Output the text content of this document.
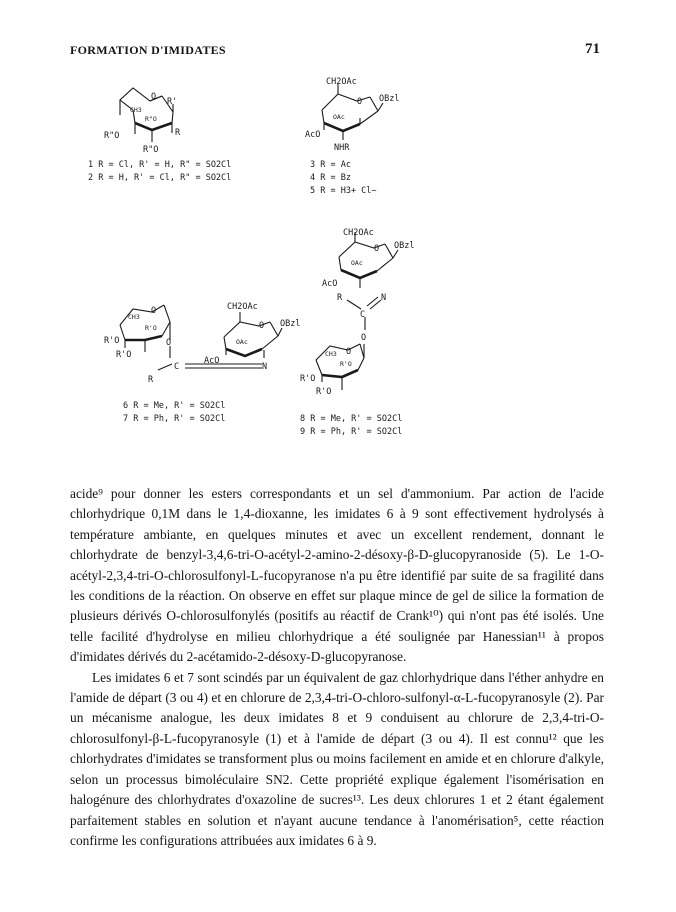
FORMATION D'IMIDATES	71
R'
O
CH3
R"O
R
R"O
R"O
1 R = Cl, R' = H, R" = SO2Cl
2 R = H, R' = Cl, R" = SO2Cl
CH2OAc
O OBzl
OAc
AcO
NHR
3 R = Ac
4 R = Bz
5 R = H3+ Cl−
O
CH3
R'O
R'O
R'O
O
C	N
R
CH2OAc
O OBzl
OAc
AcO
6 R = Me, R' = SO2Cl
7 R = Ph, R' = SO2Cl
CH2OAc
O OBzl
OAc
AcO
R
C
N
O
CH3
R'O
O
R'O
R'O
8 R = Me, R' = SO2Cl
9 R = Ph, R' = SO2Cl

acide⁹ pour donner les esters correspondants et un sel d'ammonium. Par action de l'acide chlorhydrique 0,1M dans le 1,4-dioxanne, les imidates 6 à 9 sont effectivement hydrolysés à température ambiante, en quelques minutes et avec un excellent rendement, donnant le chlorhydrate de benzyl-3,4,6-tri-O-acétyl-2-amino-2-désoxy-β-D-glucopyranoside (5). Le 1-O-acétyl-2,3,4-tri-O-chlorosulfonyl-L-fucopyranose n'a pu être identifié par suite de sa fragilité dans les conditions de la réaction. On observe en effet sur plaque mince de gel de silice la formation de plusieurs dérivés O-chlorosulfonylés (positifs au réactif de Crank¹⁰) qui n'ont pas été isolés. Une telle facilité d'hydrolyse en milieu chlorhydrique a été soulignée par Hanessian¹¹ à propos d'imidates dérivés du 2-acétamido-2-désoxy-D-glucopyranose.

Les imidates 6 et 7 sont scindés par un équivalent de gaz chlorhydrique dans l'éther anhydre en l'amide de départ (3 ou 4) et en chlorure de 2,3,4-tri-O-chloro-sulfonyl-α-L-fucopyranosyle (2). Par un mécanisme analogue, les deux imidates 8 et 9 conduisent au chlorure de 2,3,4-tri-O-chlorosulfonyl-β-L-fucopyranosyle (1) et à l'amide de départ (3 ou 4). Il est connu¹² que les chlorhydrates d'imidates se transforment plus ou moins facilement en amide et en chlorure d'alkyle, selon un processus bimoléculaire SN2. Cette propriété explique également l'isomérisation en halogénure des chlorhydrates d'oxazoline de sucres¹³. Les deux chlorures 1 et 2 étant également parfaitement stables en solution et n'ayant aucune tendance à l'anomérisation⁵, cette réaction confirme les configurations attribuées aux imidates 6 à 9.
